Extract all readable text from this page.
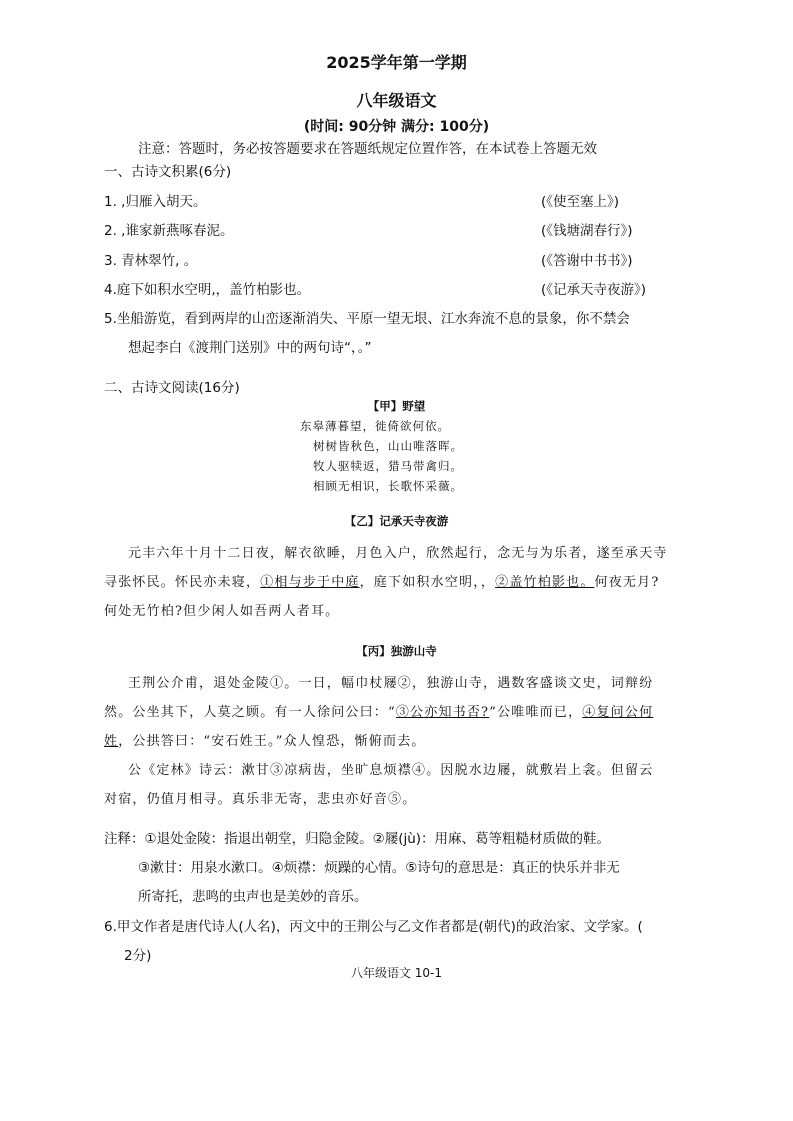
2025学年第一学期
八年级语文
(时间: 90分钟 满分: 100分)
注意：答题时，务必按答题要求在答题纸规定位置作答，在本试卷上答题无效
一、古诗文积累(6分)
1. ,归雁入胡天。	(《使至塞上》)
2. ,谁家新燕啄春泥。	(《钱塘湖春行》)
3. 青林翠竹, 。	(《答谢中书书》)
4.庭下如积水空明,，盖竹柏影也。	(《记承天寺夜游》)
5.坐船游览，看到两岸的山峦逐渐消失、平原一望无垠、江水奔流不息的景象，你不禁会
想起李白《渡荆门送别》中的两句诗“，。”
二、古诗文阅读(16分)
【甲】野望
东皋薄暮望，徙倚欲何依。
树树皆秋色，山山唯落晖。
牧人驱犊返，猎马带禽归。
相顾无相识，长歌怀采薇。
【乙】记承天寺夜游
元丰六年十月十二日夜，解衣欲睡，月色入户，欣然起行，念无与为乐者，遂至承天寺
寻张怀民。怀民亦未寝，①相与步于中庭，庭下如积水空明，，②盖竹柏影也。何夜无月?
何处无竹柏?但少闲人如吾两人者耳。
【丙】独游山寺
王荆公介甫，退处金陵①。一日，幅巾杖屦②，独游山寺，遇数客盛谈文史，词辩纷
然。公坐其下，人莫之顾。有一人徐问公曰：“③公亦知书否?”公唯唯而已，④复问公何
姓，公拱答曰：“安石姓王。”众人惶恐，惭俯而去。
公《定林》诗云：漱甘③凉病齿，坐旷息烦襟④。因脱水边屦，就敷岩上衾。但留云
对宿，仍值月相寻。真乐非无寄，悲虫亦好音⑤。
注释：①退处金陵：指退出朝堂，归隐金陵。②屦(jù)：用麻、葛等粗糙材质做的鞋。
③漱甘：用泉水漱口。④烦襟：烦躁的心情。⑤诗句的意思是：真正的快乐并非无
所寄托，悲鸣的虫声也是美妙的音乐。
6.甲文作者是唐代诗人(人名)，丙文中的王荆公与乙文作者都是(朝代)的政治家、文学家。(
2分)
八年级语文 10-1
